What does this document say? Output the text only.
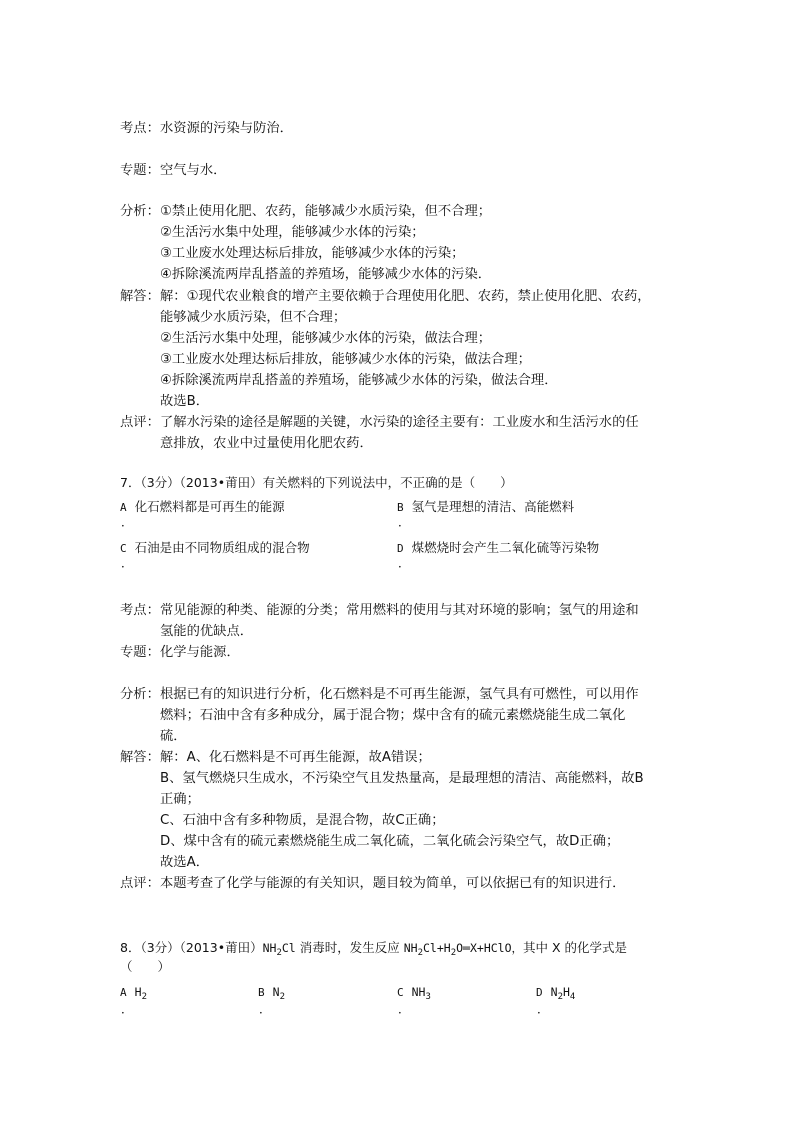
考点： 水资源的污染与防治．
专题： 空气与水．
分析： ①禁止使用化肥、农药，能够减少水质污染，但不合理；
②生活污水集中处理，能够减少水体的污染；
③工业废水处理达标后排放，能够减少水体的污染；
④拆除溪流两岸乱搭盖的养殖场，能够减少水体的污染．
解答： 解：①现代农业粮食的增产主要依赖于合理使用化肥、农药，禁止使用化肥、农药，
能够减少水质污染，但不合理；
②生活污水集中处理，能够减少水体的污染，做法合理；
③工业废水处理达标后排放，能够减少水体的污染，做法合理；
④拆除溪流两岸乱搭盖的养殖场，能够减少水体的污染，做法合理．
故选B．
点评： 了解水污染的途径是解题的关键，水污染的途径主要有：工业废水和生活污水的任
意排放，农业中过量使用化肥农药．
7．（3分）（2013•莆田）有关燃料的下列说法中，不正确的是（　　）
A 化石燃料都是可再生的能源
．
B 氢气是理想的清洁、高能燃料
．
C 石油是由不同物质组成的混合物
．
D 煤燃烧时会产生二氧化硫等污染物
．
考点： 常见能源的种类、能源的分类；常用燃料的使用与其对环境的影响；氢气的用途和
氢能的优缺点．
专题： 化学与能源．
分析： 根据已有的知识进行分析，化石燃料是不可再生能源，氢气具有可燃性，可以用作
燃料；石油中含有多种成分，属于混合物；煤中含有的硫元素燃烧能生成二氧化
硫．
解答： 解：A、化石燃料是不可再生能源，故A错误；
B、氢气燃烧只生成水，不污染空气且发热量高，是最理想的清洁、高能燃料，故B
正确；
C、石油中含有多种物质，是混合物，故C正确；
D、煤中含有的硫元素燃烧能生成二氧化硫，二氧化硫会污染空气，故D正确；
故选A．
点评： 本题考查了化学与能源的有关知识，题目较为简单，可以依据已有的知识进行．
8．（3分）（2013•莆田）$NH_2Cl$ 消毒时，发生反应 $NH_2Cl+H_2O═X+HClO$，其中 X 的化学式是
（　　）
A $H_2$
．
B $N_2$
．
C $NH_3$
．
D $N_2H_4$
．
